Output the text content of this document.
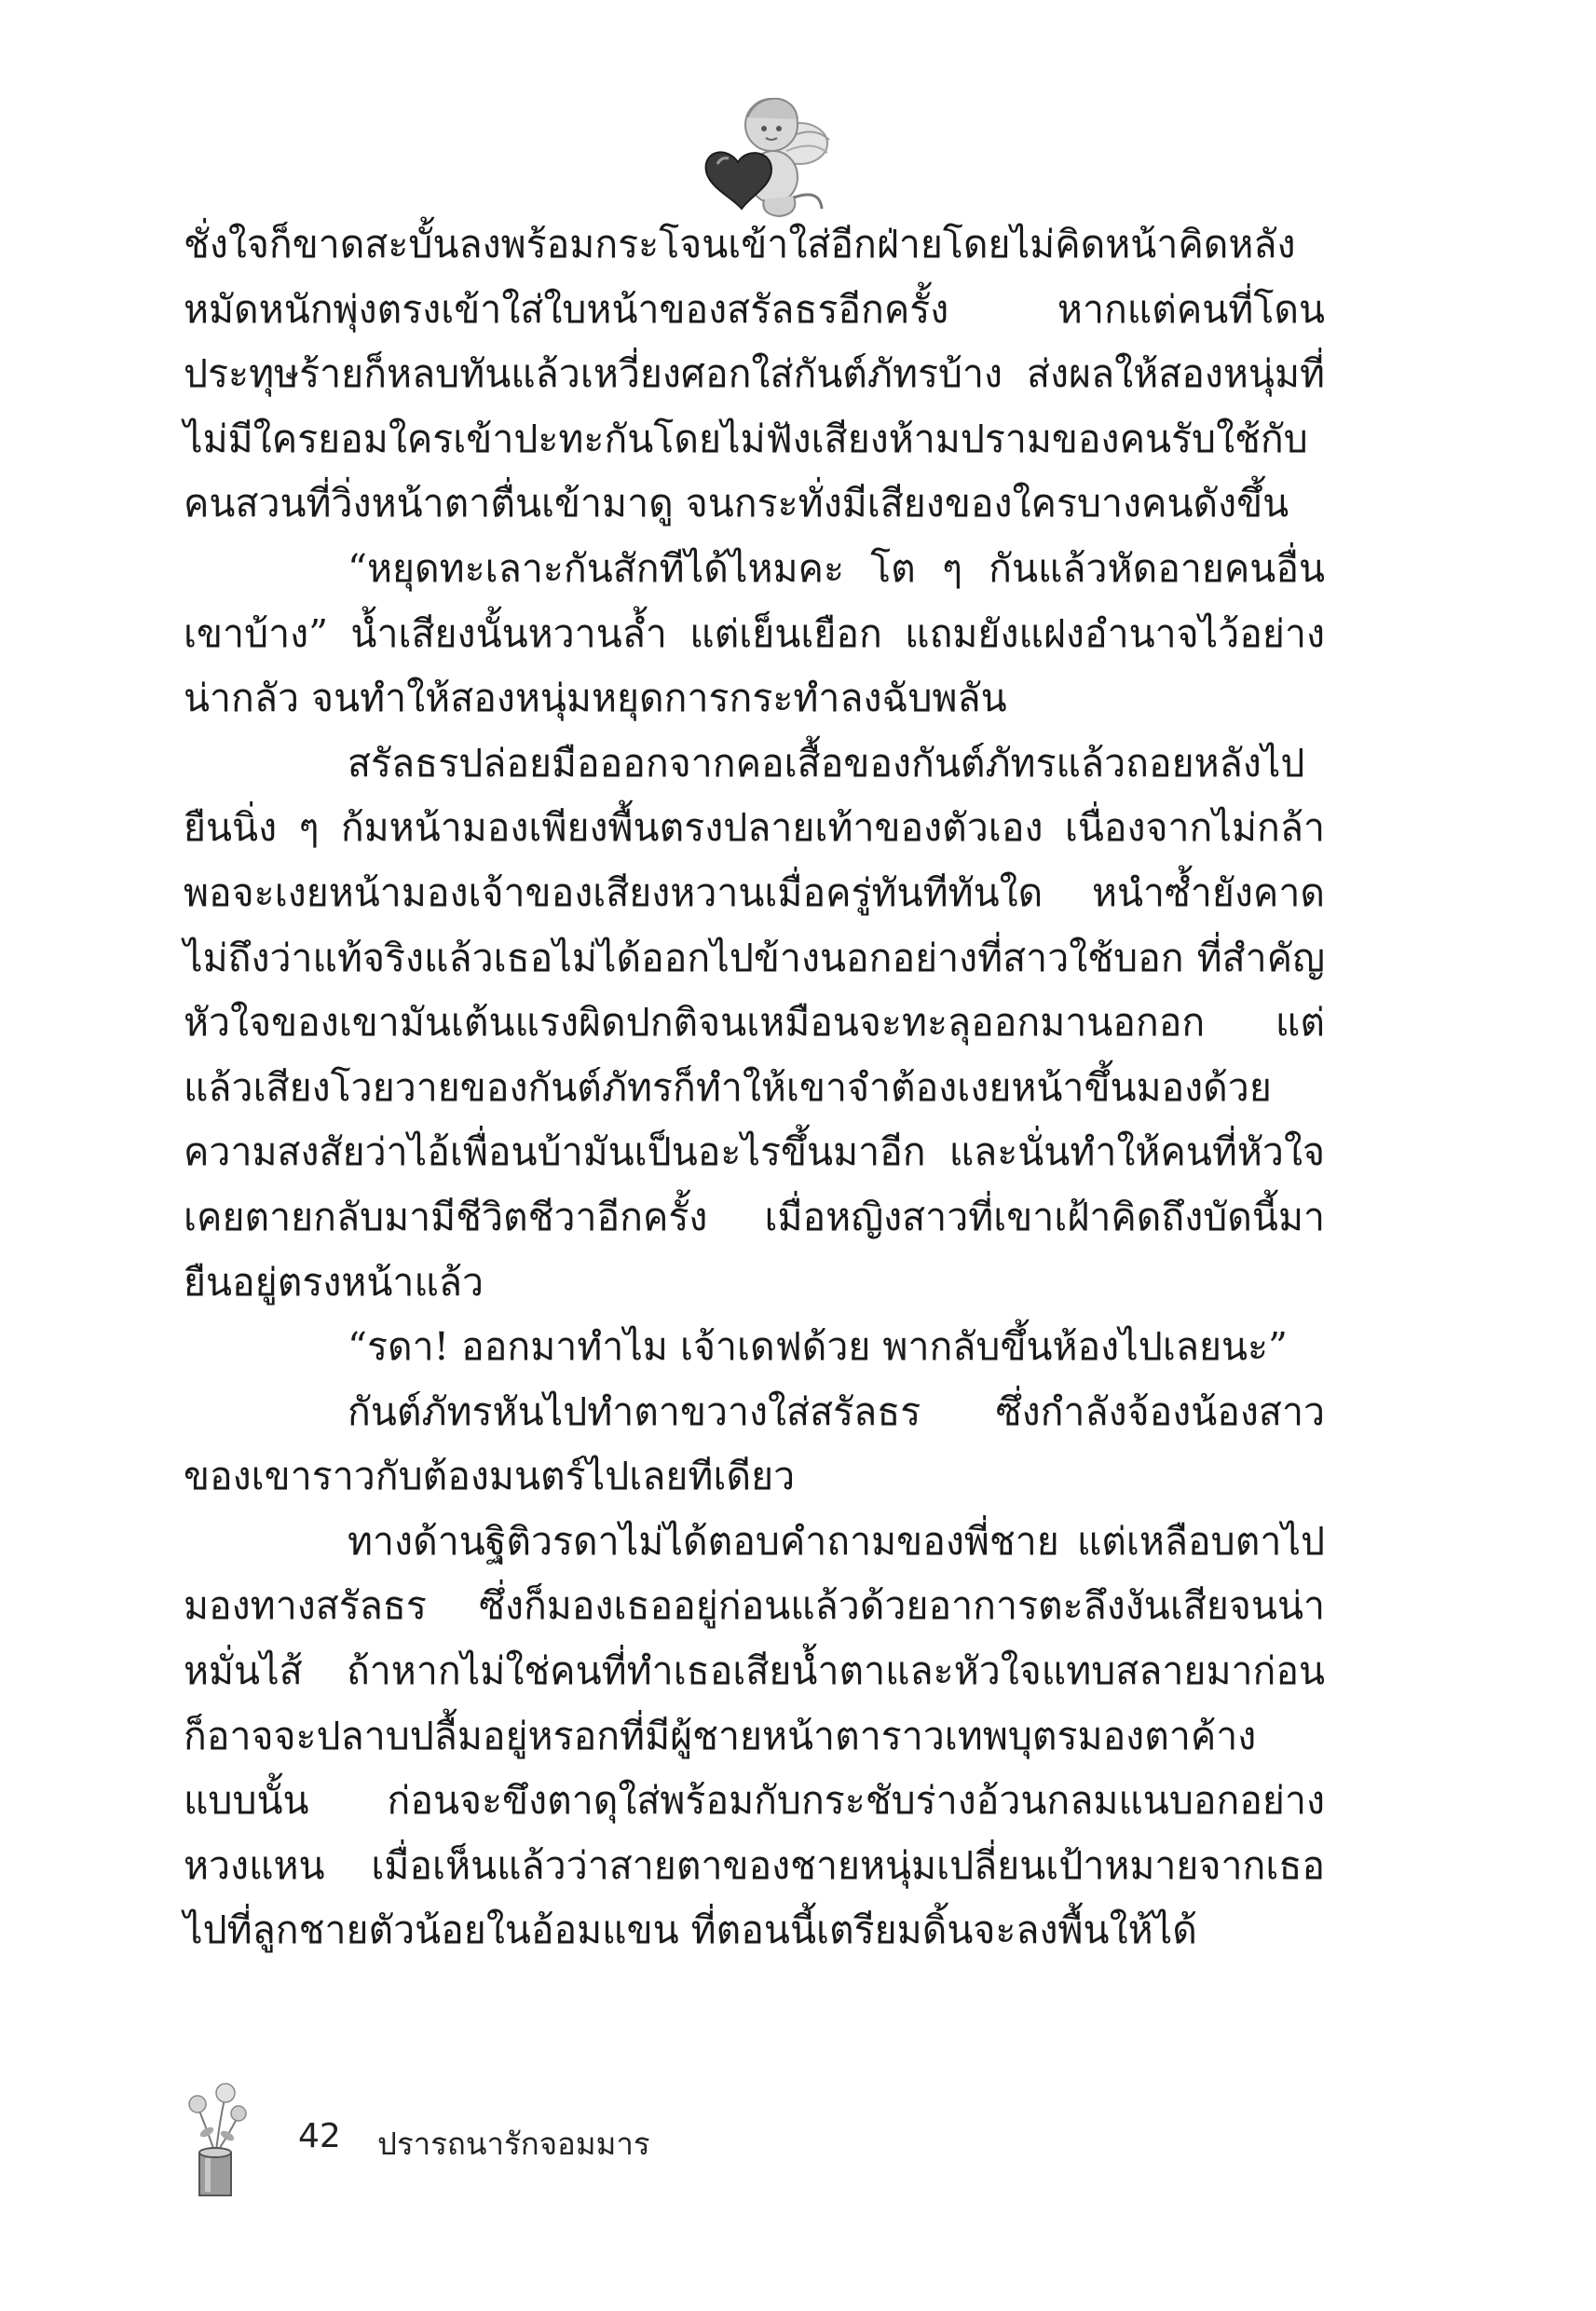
ชั่งใจก็ขาดสะบั้นลงพร้อมกระโจนเข้าใส่อีกฝ่ายโดยไม่คิดหน้าคิดหลัง หมัดหนักพุ่งตรงเข้าใส่ใบหน้าของสรัลธรอีกครั้ง หากแต่คนที่โดนประทุษร้ายก็หลบทันแล้วเหวี่ยงศอกใส่กันต์ภัทรบ้าง ส่งผลให้สองหนุ่มที่ไม่มีใครยอมใครเข้าปะทะกันโดยไม่ฟังเสียงห้ามปรามของคนรับใช้กับคนสวนที่วิ่งหน้าตาตื่นเข้ามาดู จนกระทั่งมีเสียงของใครบางคนดังขึ้น

“หยุดทะเลาะกันสักทีได้ไหมคะ โต ๆ กันแล้วหัดอายคนอื่นเขาบ้าง” น้ำเสียงนั้นหวานล้ำ แต่เย็นเยือก แถมยังแฝงอำนาจไว้อย่างน่ากลัว จนทำให้สองหนุ่มหยุดการกระทำลงฉับพลัน

สรัลธรปล่อยมือออกจากคอเสื้อของกันต์ภัทรแล้วถอยหลังไปยืนนิ่ง ๆ ก้มหน้ามองเพียงพื้นตรงปลายเท้าของตัวเอง เนื่องจากไม่กล้าพอจะเงยหน้ามองเจ้าของเสียงหวานเมื่อครู่ทันทีทันใด หนำซ้ำยังคาดไม่ถึงว่าแท้จริงแล้วเธอไม่ได้ออกไปข้างนอกอย่างที่สาวใช้บอก ที่สำคัญหัวใจของเขามันเต้นแรงผิดปกติจนเหมือนจะทะลุออกมานอกอก แต่แล้วเสียงโวยวายของกันต์ภัทรก็ทำให้เขาจำต้องเงยหน้าขึ้นมองด้วยความสงสัยว่าไอ้เพื่อนบ้ามันเป็นอะไรขึ้นมาอีก และนั่นทำให้คนที่หัวใจเคยตายกลับมามีชีวิตชีวาอีกครั้ง เมื่อหญิงสาวที่เขาเฝ้าคิดถึงบัดนี้มายืนอยู่ตรงหน้าแล้ว

“รดา! ออกมาทำไม เจ้าเดฟด้วย พากลับขึ้นห้องไปเลยนะ”

กันต์ภัทรหันไปทำตาขวางใส่สรัลธร ซึ่งกำลังจ้องน้องสาวของเขาราวกับต้องมนตร์ไปเลยทีเดียว

ทางด้านฐิติวรดาไม่ได้ตอบคำถามของพี่ชาย แต่เหลือบตาไปมองทางสรัลธร ซึ่งก็มองเธออยู่ก่อนแล้วด้วยอาการตะลึงงันเสียจนน่าหมั่นไส้ ถ้าหากไม่ใช่คนที่ทำเธอเสียน้ำตาและหัวใจแทบสลายมาก่อน ก็อาจจะปลาบปลื้มอยู่หรอกที่มีผู้ชายหน้าตาราวเทพบุตรมองตาค้างแบบนั้น ก่อนจะขึงตาดุใส่พร้อมกับกระชับร่างอ้วนกลมแนบอกอย่างหวงแหน เมื่อเห็นแล้วว่าสายตาของชายหนุ่มเปลี่ยนเป้าหมายจากเธอไปที่ลูกชายตัวน้อยในอ้อมแขน ที่ตอนนี้เตรียมดิ้นจะลงพื้นให้ได้

42 ปรารถนารักจอมมาร
